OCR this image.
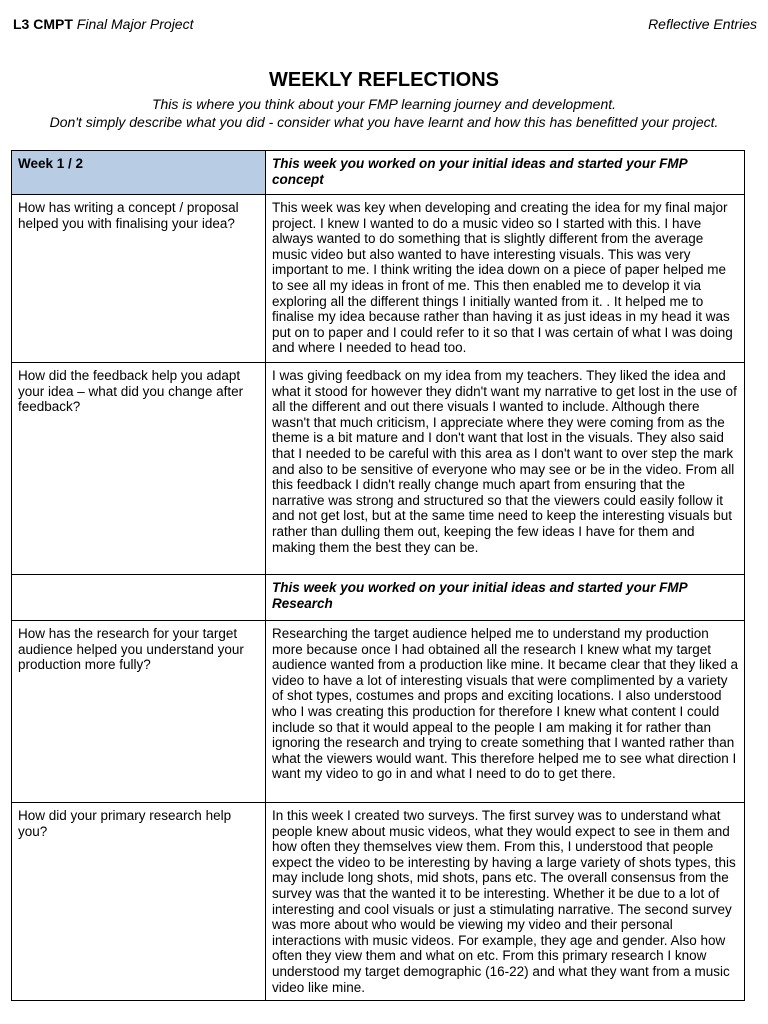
L3 CMPT Final Major Project	Reflective Entries
WEEKLY REFLECTIONS
This is where you think about your FMP learning journey and development.
Don't simply describe what you did - consider what you have learnt and how this has benefitted your project.
Week 1 / 2	This week you worked on your initial ideas and started your FMP concept
How has writing a concept / proposal helped you with finalising your idea?	This week was key when developing and creating the idea for my final major project. I knew I wanted to do a music video so I started with this. I have always wanted to do something that is slightly different from the average music video but also wanted to have interesting visuals. This was very important to me. I think writing the idea down on a piece of paper helped me to see all my ideas in front of me. This then enabled me to develop it via exploring all the different things I initially wanted from it. . It helped me to finalise my idea because rather than having it as just ideas in my head it was put on to paper and I could refer to it so that I was certain of what I was doing and where I needed to head too.
How did the feedback help you adapt your idea – what did you change after feedback?	I was giving feedback on my idea from my teachers. They liked the idea and what it stood for however they didn't want my narrative to get lost in the use of all the different and out there visuals I wanted to include. Although there wasn't that much criticism, I appreciate where they were coming from as the theme is a bit mature and I don't want that lost in the visuals. They also said that I needed to be careful with this area as I don't want to over step the mark and also to be sensitive of everyone who may see or be in the video. From all this feedback I didn't really change much apart from ensuring that the narrative was strong and structured so that the viewers could easily follow it and not get lost, but at the same time need to keep the interesting visuals but rather than dulling them out, keeping the few ideas I have for them and making them the best they can be.
	This week you worked on your initial ideas and started your FMP Research
How has the research for your target audience helped you understand your production more fully?	Researching the target audience helped me to understand my production more because once I had obtained all the research I knew what my target audience wanted from a production like mine. It became clear that they liked a video to have a lot of interesting visuals that were complimented by a variety of shot types, costumes and props and exciting locations. I also understood who I was creating this production for therefore I knew what content I could include so that it would appeal to the people I am making it for rather than ignoring the research and trying to create something that I wanted rather than what the viewers would want. This therefore helped me to see what direction I want my video to go in and what I need to do to get there.
How did your primary research help you?	In this week I created two surveys. The first survey was to understand what people knew about music videos, what they would expect to see in them and how often they themselves view them. From this, I understood that people expect the video to be interesting by having a large variety of shots types, this may include long shots, mid shots, pans etc. The overall consensus from the survey was that the wanted it to be interesting. Whether it be due to a lot of interesting and cool visuals or just a stimulating narrative. The second survey was more about who would be viewing my video and their personal interactions with music videos. For example, they age and gender. Also how often they view them and what on etc. From this primary research I know understood my target demographic (16-22) and what they want from a music video like mine.
